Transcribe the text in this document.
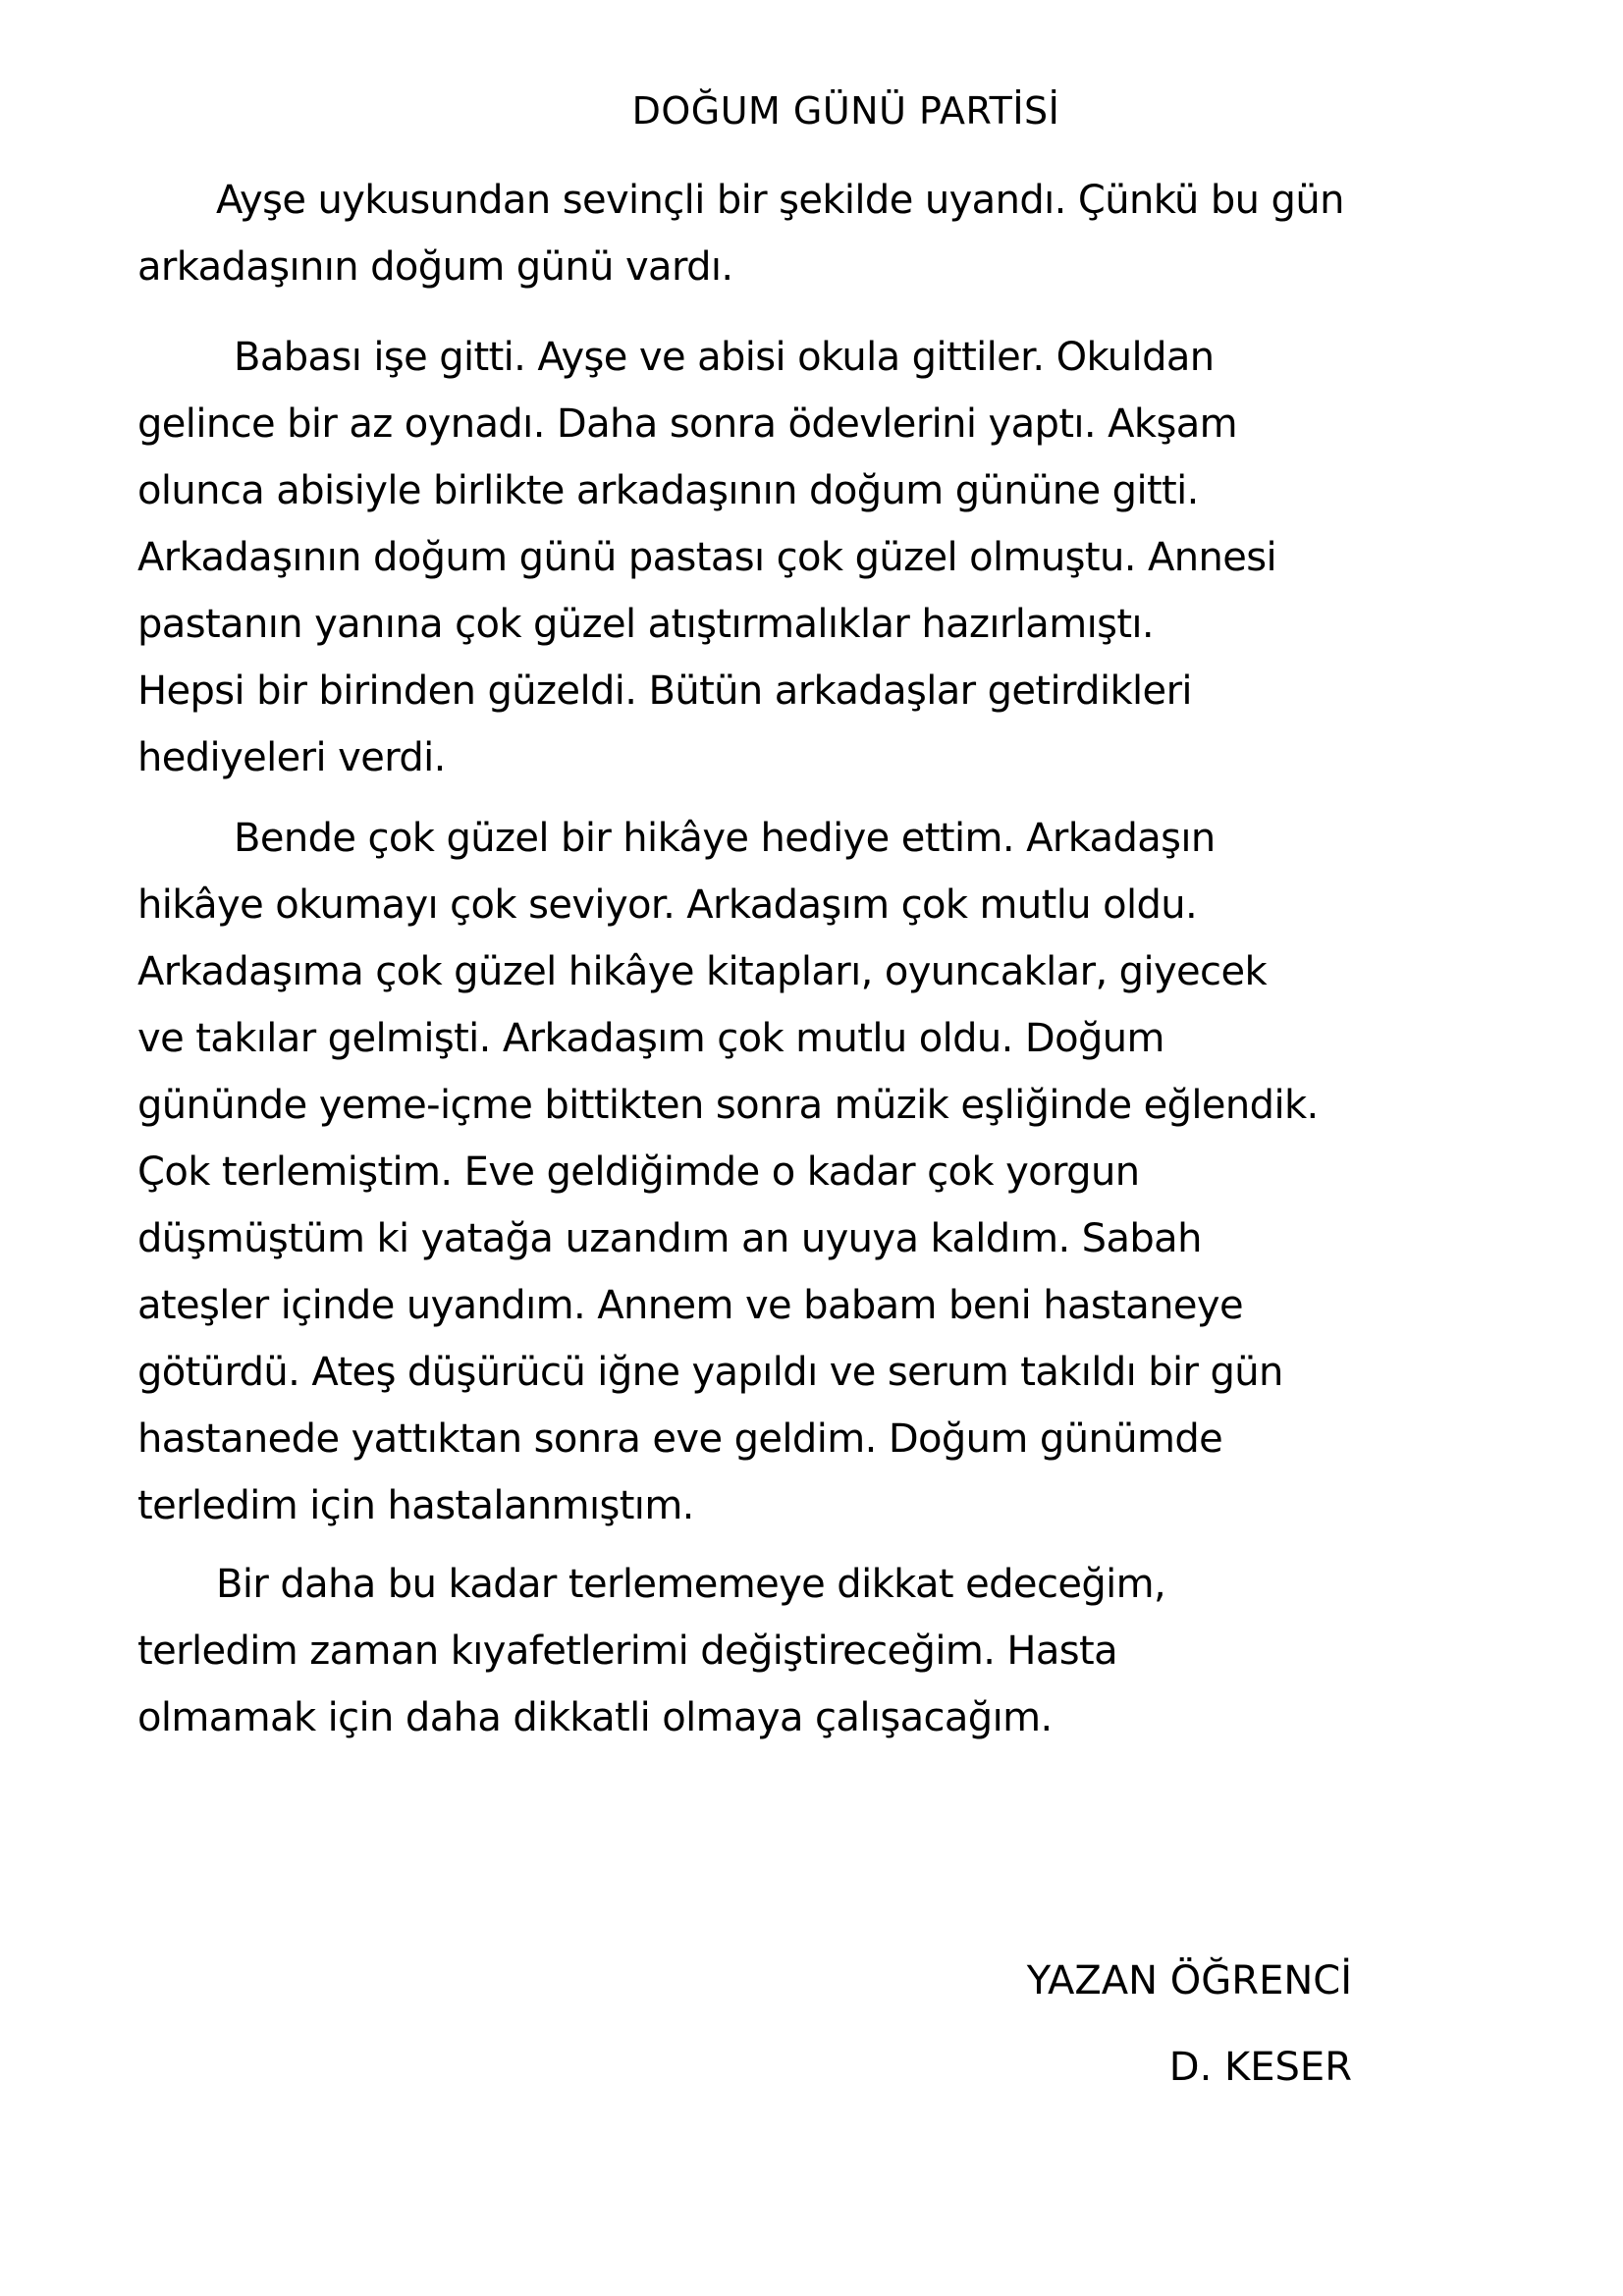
DOĞUM GÜNÜ PARTİSİ
Ayşe uykusundan sevinçli bir şekilde uyandı. Çünkü bu gün
arkadaşının doğum günü vardı.
Babası işe gitti. Ayşe ve abisi okula gittiler. Okuldan
gelince bir az oynadı. Daha sonra ödevlerini yaptı. Akşam
olunca abisiyle birlikte arkadaşının doğum gününe gitti.
Arkadaşının doğum günü pastası çok güzel olmuştu. Annesi
pastanın yanına çok güzel atıştırmalıklar hazırlamıştı.
Hepsi bir birinden güzeldi. Bütün arkadaşlar getirdikleri
hediyeleri verdi.
Bende çok güzel bir hikâye hediye ettim. Arkadaşın
hikâye okumayı çok seviyor. Arkadaşım çok mutlu oldu.
Arkadaşıma çok güzel hikâye kitapları, oyuncaklar, giyecek
ve takılar gelmişti. Arkadaşım çok mutlu oldu. Doğum
gününde yeme-içme bittikten sonra müzik eşliğinde eğlendik.
Çok terlemiştim. Eve geldiğimde o kadar çok yorgun
düşmüştüm ki yatağa uzandım an uyuya kaldım. Sabah
ateşler içinde uyandım. Annem ve babam beni hastaneye
götürdü. Ateş düşürücü iğne yapıldı ve serum takıldı bir gün
hastanede yattıktan sonra eve geldim. Doğum günümde
terledim için hastalanmıştım.
Bir daha bu kadar terlememeye dikkat edeceğim,
terledim zaman kıyafetlerimi değiştireceğim. Hasta
olmamak için daha dikkatli olmaya çalışacağım.
YAZAN ÖĞRENCİ
D. KESER
